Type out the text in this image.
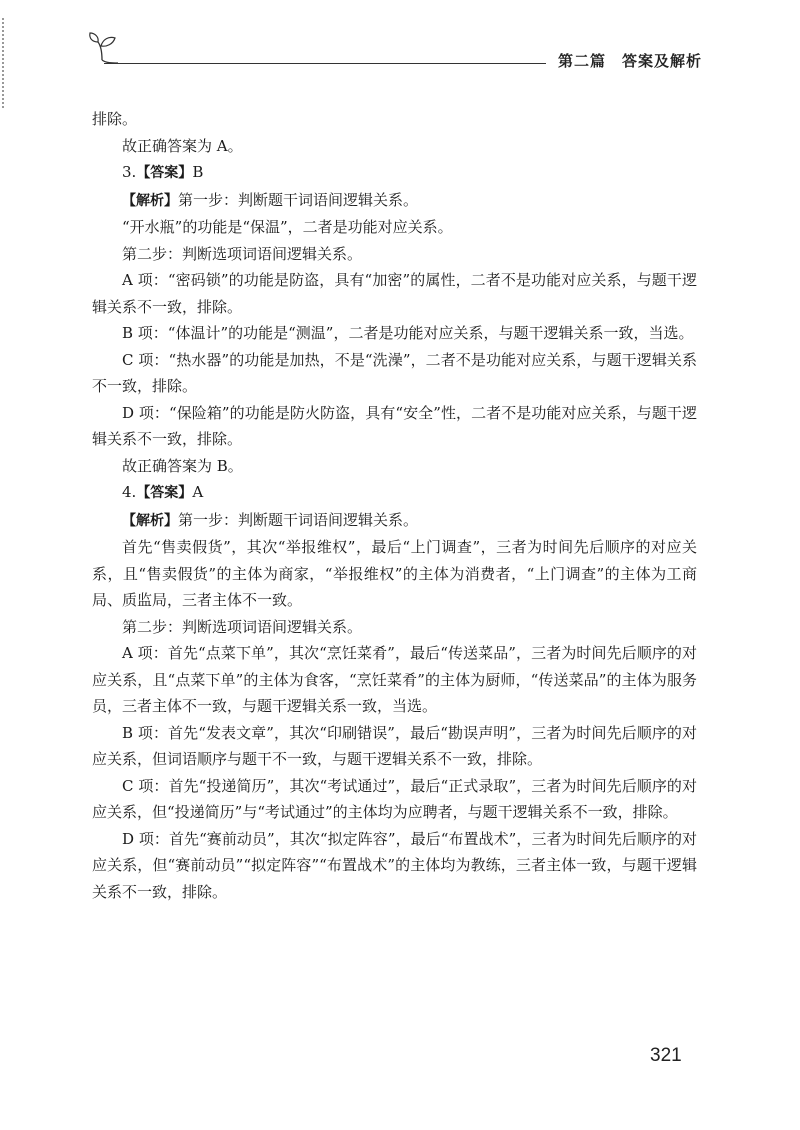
第二篇　答案及解析

排除。

故正确答案为 A。

3.【答案】B

【解析】第一步：判断题干词语间逻辑关系。

“开水瓶”的功能是“保温”，二者是功能对应关系。

第二步：判断选项词语间逻辑关系。

A 项：“密码锁”的功能是防盗，具有“加密”的属性，二者不是功能对应关系，与题干逻辑关系不一致，排除。

B 项：“体温计”的功能是“测温”，二者是功能对应关系，与题干逻辑关系一致，当选。

C 项：“热水器”的功能是加热，不是“洗澡”，二者不是功能对应关系，与题干逻辑关系不一致，排除。

D 项：“保险箱”的功能是防火防盗，具有“安全”性，二者不是功能对应关系，与题干逻辑关系不一致，排除。

故正确答案为 B。

4.【答案】A

【解析】第一步：判断题干词语间逻辑关系。

首先“售卖假货”，其次“举报维权”，最后“上门调查”，三者为时间先后顺序的对应关系，且“售卖假货”的主体为商家，“举报维权”的主体为消费者，“上门调查”的主体为工商局、质监局，三者主体不一致。

第二步：判断选项词语间逻辑关系。

A 项：首先“点菜下单”，其次“烹饪菜肴”，最后“传送菜品”，三者为时间先后顺序的对应关系，且“点菜下单”的主体为食客，“烹饪菜肴”的主体为厨师，“传送菜品”的主体为服务员，三者主体不一致，与题干逻辑关系一致，当选。

B 项：首先“发表文章”，其次“印刷错误”，最后“勘误声明”，三者为时间先后顺序的对应关系，但词语顺序与题干不一致，与题干逻辑关系不一致，排除。

C 项：首先“投递简历”，其次“考试通过”，最后“正式录取”，三者为时间先后顺序的对应关系，但“投递简历”与“考试通过”的主体均为应聘者，与题干逻辑关系不一致，排除。

D 项：首先“赛前动员”，其次“拟定阵容”，最后“布置战术”，三者为时间先后顺序的对应关系，但“赛前动员”“拟定阵容”“布置战术”的主体均为教练，三者主体一致，与题干逻辑关系不一致，排除。

321
